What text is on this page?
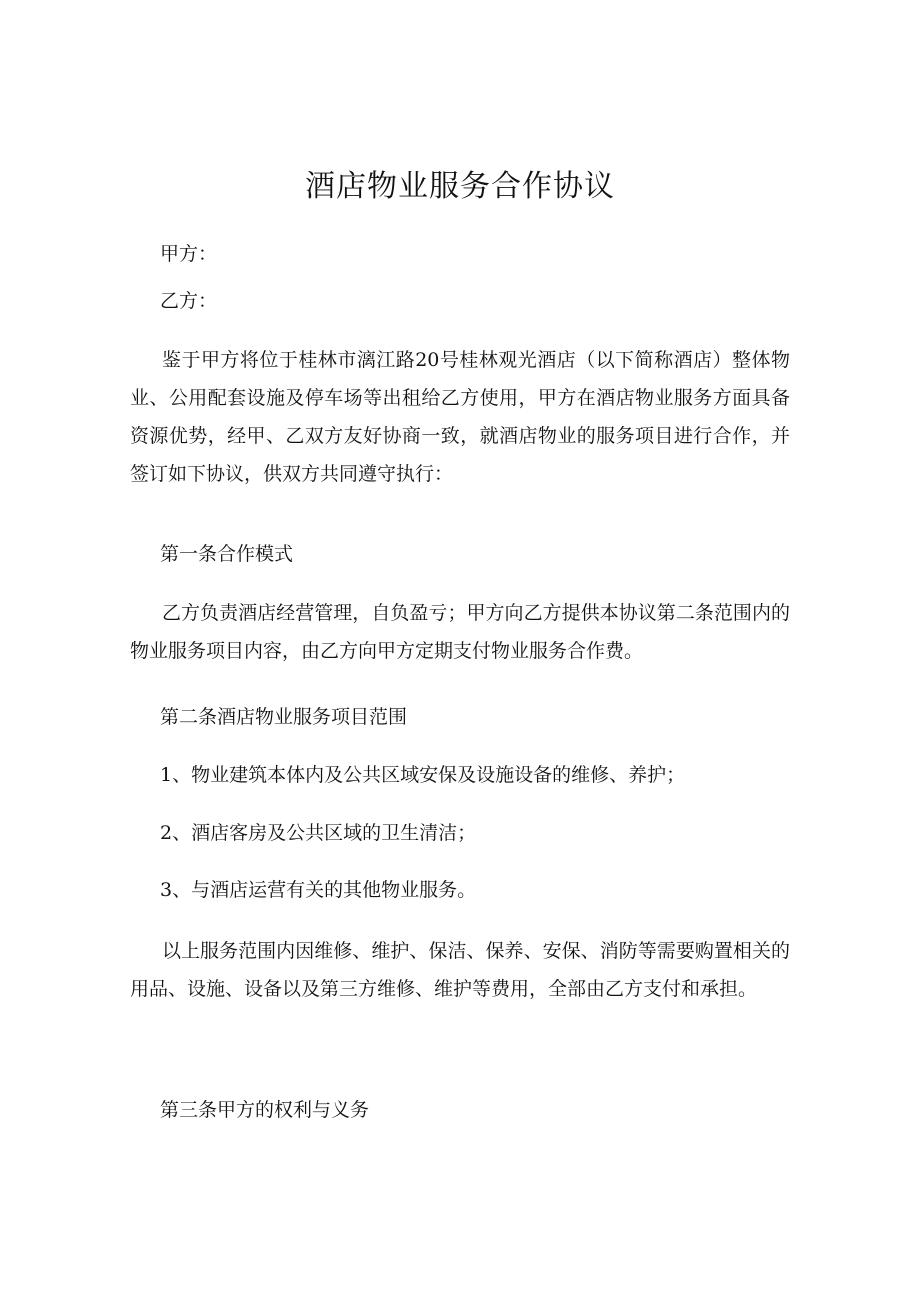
酒店物业服务合作协议

甲方：

乙方：

鉴于甲方将位于桂林市漓江路20号桂林观光酒店（以下简称酒店）整体物业、公用配套设施及停车场等出租给乙方使用，甲方在酒店物业服务方面具备资源优势，经甲、乙双方友好协商一致，就酒店物业的服务项目进行合作，并签订如下协议，供双方共同遵守执行：

第一条合作模式

乙方负责酒店经营管理，自负盈亏；甲方向乙方提供本协议第二条范围内的物业服务项目内容，由乙方向甲方定期支付物业服务合作费。

第二条酒店物业服务项目范围

1、物业建筑本体内及公共区域安保及设施设备的维修、养护；

2、酒店客房及公共区域的卫生清洁；

3、与酒店运营有关的其他物业服务。

以上服务范围内因维修、维护、保洁、保养、安保、消防等需要购置相关的用品、设施、设备以及第三方维修、维护等费用，全部由乙方支付和承担。

第三条甲方的权利与义务
